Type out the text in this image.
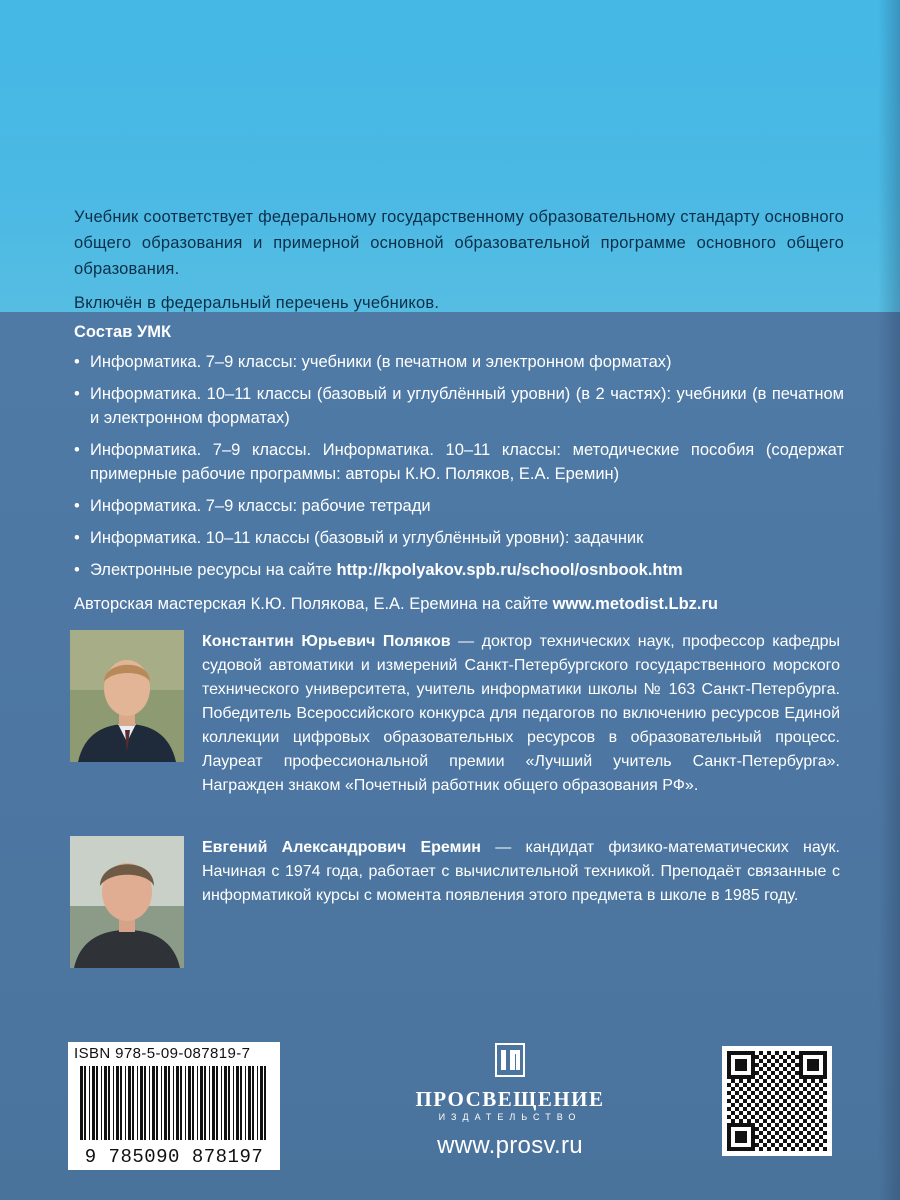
Учебник соответствует федеральному государственному образовательному стандарту основного общего образования и примерной основной образовательной программе основного общего образования.

Включён в федеральный перечень учебников.

Состав УМК
• Информатика. 7–9 классы: учебники (в печатном и электронном форматах)
• Информатика. 10–11 классы (базовый и углублённый уровни) (в 2 частях): учебники (в печатном и электронном форматах)
• Информатика. 7–9 классы. Информатика. 10–11 классы: методические пособия (содержат примерные рабочие программы: авторы К.Ю. Поляков, Е.А. Еремин)
• Информатика. 7–9 классы: рабочие тетради
• Информатика. 10–11 классы (базовый и углублённый уровни): задачник
• Электронные ресурсы на сайте http://kpolyakov.spb.ru/school/osnbook.htm
Авторская мастерская К.Ю. Полякова, Е.А. Еремина на сайте www.metodist.Lbz.ru
Константин Юрьевич Поляков — доктор технических наук, профессор кафедры судовой автоматики и измерений Санкт-Петербургского государственного морского технического университета, учитель информатики школы № 163 Санкт-Петербурга. Победитель Всероссийского конкурса для педагогов по включению ресурсов Единой коллекции цифровых образовательных ресурсов в образовательный процесс. Лауреат профессиональной премии «Лучший учитель Санкт-Петербурга». Награжден знаком «Почетный работник общего образования РФ».
Евгений Александрович Еремин — кандидат физико-математических наук. Начиная с 1974 года, работает с вычислительной техникой. Преподаёт связанные с информатикой курсы с момента появления этого предмета в школе в 1985 году.
ISBN 978-5-09-087819-7
9 785090 878197
ПРОСВЕЩЕНИЕ
ИЗДАТЕЛЬСТВО
www.prosv.ru
